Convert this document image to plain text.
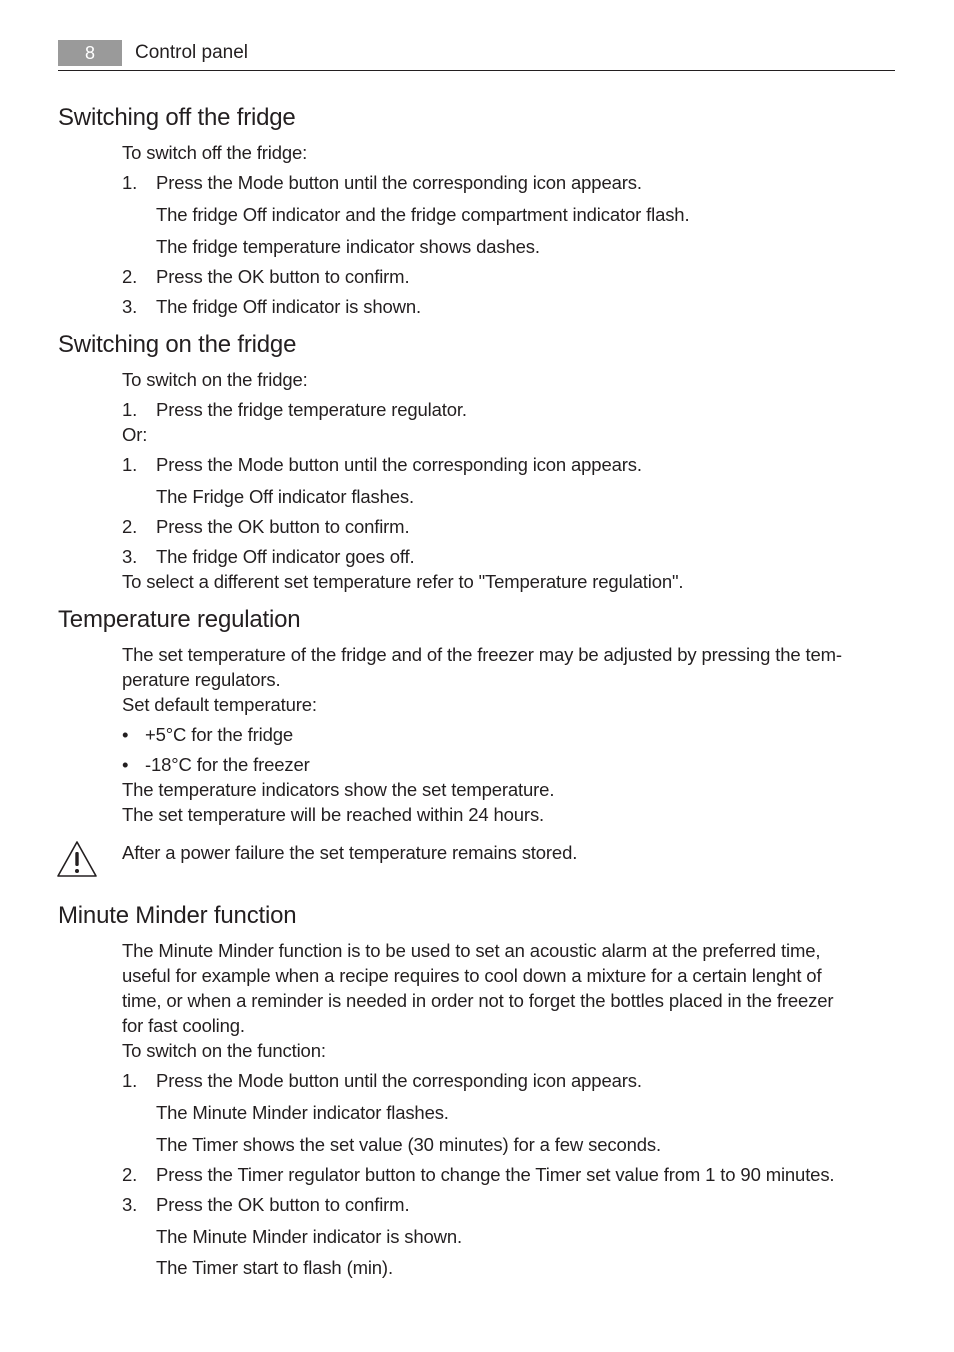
8	Control panel
Switching off the fridge
To switch off the fridge:
1. Press the Mode button until the corresponding icon appears.
The fridge Off indicator and the fridge compartment indicator flash.
The fridge temperature indicator shows dashes.
2. Press the OK button to confirm.
3. The fridge Off indicator is shown.
Switching on the fridge
To switch on the fridge:
1. Press the fridge temperature regulator.
Or:
1. Press the Mode button until the corresponding icon appears.
The Fridge Off indicator flashes.
2. Press the OK button to confirm.
3. The fridge Off indicator goes off.
To select a different set temperature refer to "Temperature regulation".
Temperature regulation
The set temperature of the fridge and of the freezer may be adjusted by pressing the tem-
perature regulators.
Set default temperature:
• +5°C for the fridge
• -18°C for the freezer
The temperature indicators show the set temperature.
The set temperature will be reached within 24 hours.
After a power failure the set temperature remains stored.
Minute Minder function
The Minute Minder function is to be used to set an acoustic alarm at the preferred time,
useful for example when a recipe requires to cool down a mixture for a certain lenght of
time, or when a reminder is needed in order not to forget the bottles placed in the freezer
for fast cooling.
To switch on the function:
1. Press the Mode button until the corresponding icon appears.
The Minute Minder indicator flashes.
The Timer shows the set value (30 minutes) for a few seconds.
2. Press the Timer regulator button to change the Timer set value from 1 to 90 minutes.
3. Press the OK button to confirm.
The Minute Minder indicator is shown.
The Timer start to flash (min).
